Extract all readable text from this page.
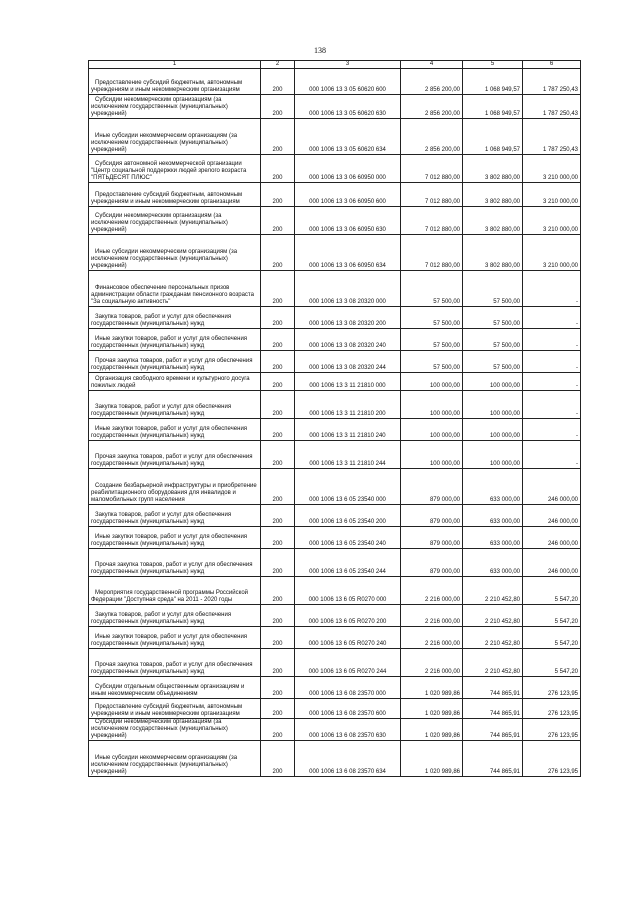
138
1	2	3	4	5	6
Предоставление субсидий бюджетным, автономным учреждениям и иным некоммерческим организациям	200	000 1006 13 3 05 60620 600	2 856 200,00	1 068 949,57	1 787 250,43
Субсидии некоммерческим организациям (за исключением государственных (муниципальных) учреждений)	200	000 1006 13 3 05 60620 630	2 856 200,00	1 068 949,57	1 787 250,43
Иные субсидии некоммерческим организациям (за исключением государственных (муниципальных) учреждений)	200	000 1006 13 3 05 60620 634	2 856 200,00	1 068 949,57	1 787 250,43
Субсидия автономной некоммерческой организации "Центр социальной поддержки людей зрелого возраста "ПЯТЬДЕСЯТ ПЛЮС"	200	000 1006 13 3 06 60950 000	7 012 880,00	3 802 880,00	3 210 000,00
Предоставление субсидий бюджетным, автономным учреждениям и иным некоммерческим организациям	200	000 1006 13 3 06 60950 600	7 012 880,00	3 802 880,00	3 210 000,00
Субсидии некоммерческим организациям (за исключением государственных (муниципальных) учреждений)	200	000 1006 13 3 06 60950 630	7 012 880,00	3 802 880,00	3 210 000,00
Иные субсидии некоммерческим организациям (за исключением государственных (муниципальных) учреждений)	200	000 1006 13 3 06 60950 634	7 012 880,00	3 802 880,00	3 210 000,00
Финансовое обеспечение персональных призов администрации области гражданам пенсионного возраста "За социальную активность"	200	000 1006 13 3 08 20320 000	57 500,00	57 500,00	-
Закупка товаров, работ и услуг для обеспечения государственных (муниципальных) нужд	200	000 1006 13 3 08 20320 200	57 500,00	57 500,00	-
Иные закупки товаров, работ и услуг для обеспечения государственных (муниципальных) нужд	200	000 1006 13 3 08 20320 240	57 500,00	57 500,00	-
Прочая закупка товаров, работ и услуг для обеспечения государственных (муниципальных) нужд	200	000 1006 13 3 08 20320 244	57 500,00	57 500,00	-
Организация свободного времени и культурного досуга пожилых людей	200	000 1006 13 3 11 21810 000	100 000,00	100 000,00	-
Закупка товаров, работ и услуг для обеспечения государственных (муниципальных) нужд	200	000 1006 13 3 11 21810 200	100 000,00	100 000,00	-
Иные закупки товаров, работ и услуг для обеспечения государственных (муниципальных) нужд	200	000 1006 13 3 11 21810 240	100 000,00	100 000,00	-
Прочая закупка товаров, работ и услуг для обеспечения государственных (муниципальных) нужд	200	000 1006 13 3 11 21810 244	100 000,00	100 000,00	-
Создание безбарьерной инфраструктуры и приобретение реабилитационного оборудования для инвалидов и маломобильных групп населения	200	000 1006 13 6 05 23540 000	879 000,00	633 000,00	246 000,00
Закупка товаров, работ и услуг для обеспечения государственных (муниципальных) нужд	200	000 1006 13 6 05 23540 200	879 000,00	633 000,00	246 000,00
Иные закупки товаров, работ и услуг для обеспечения государственных (муниципальных) нужд	200	000 1006 13 6 05 23540 240	879 000,00	633 000,00	246 000,00
Прочая закупка товаров, работ и услуг для обеспечения государственных (муниципальных) нужд	200	000 1006 13 6 05 23540 244	879 000,00	633 000,00	246 000,00
Мероприятия государственной программы Российской Федерации "Доступная среда" на 2011 - 2020 годы	200	000 1006 13 6 05 R0270 000	2 216 000,00	2 210 452,80	5 547,20
Закупка товаров, работ и услуг для обеспечения государственных (муниципальных) нужд	200	000 1006 13 6 05 R0270 200	2 216 000,00	2 210 452,80	5 547,20
Иные закупки товаров, работ и услуг для обеспечения государственных (муниципальных) нужд	200	000 1006 13 6 05 R0270 240	2 216 000,00	2 210 452,80	5 547,20
Прочая закупка товаров, работ и услуг для обеспечения государственных (муниципальных) нужд	200	000 1006 13 6 05 R0270 244	2 216 000,00	2 210 452,80	5 547,20
Субсидии отдельным общественным организациям и иным некоммерческим объединениям	200	000 1006 13 6 08 23570 000	1 020 989,86	744 865,91	276 123,95
Предоставление субсидий бюджетным, автономным учреждениям и иным некоммерческим организациям	200	000 1006 13 6 08 23570 600	1 020 989,86	744 865,91	276 123,95
Субсидии некоммерческим организациям (за исключением государственных (муниципальных) учреждений)	200	000 1006 13 6 08 23570 630	1 020 989,86	744 865,91	276 123,95
Иные субсидии некоммерческим организациям (за исключением государственных (муниципальных) учреждений)	200	000 1006 13 6 08 23570 634	1 020 989,86	744 865,91	276 123,95
